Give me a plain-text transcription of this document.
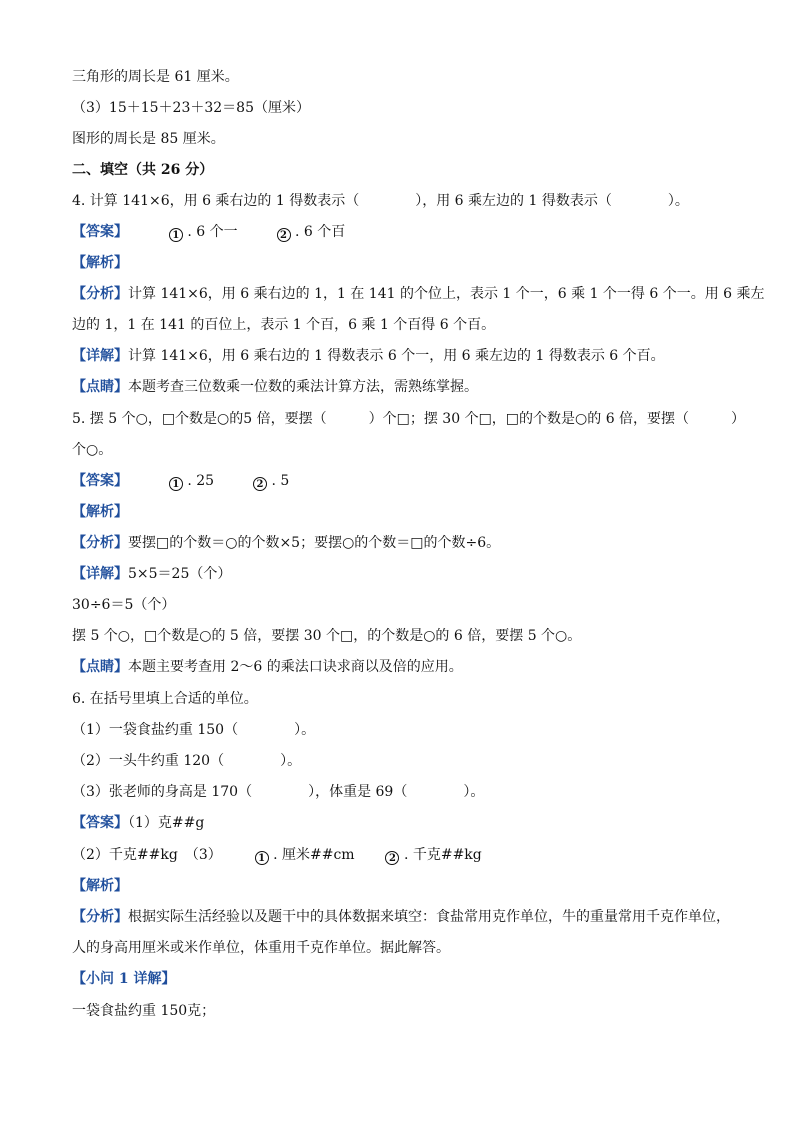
三角形的周长是 61 厘米。
（3）15＋15＋23＋32＝85（厘米）
图形的周长是 85 厘米。
二、填空（共 26 分）
4. 计算 141×6，用 6 乘右边的 1 得数表示（　　　　），用 6 乘左边的 1 得数表示（　　　　）。
【答案】	1 . 6 个一	2 . 6 个百
【解析】
【分析】计算 141×6，用 6 乘右边的 1，1 在 141 的个位上，表示 1 个一，6 乘 1 个一得 6 个一。用 6 乘左
边的 1，1 在 141 的百位上，表示 1 个百，6 乘 1 个百得 6 个百。
【详解】计算 141×6，用 6 乘右边的 1 得数表示 6 个一，用 6 乘左边的 1 得数表示 6 个百。
【点睛】本题考查三位数乘一位数的乘法计算方法，需熟练掌握。
5. 摆 5 个○，□个数是○的5 倍，要摆（　　　）个□；摆 30 个□，□的个数是○的 6 倍，要摆（　　　）
个○。
【答案】	1 . 25	2 . 5
【解析】
【分析】要摆□的个数＝○的个数×5；要摆○的个数＝□的个数÷6。
【详解】5×5＝25（个）
30÷6＝5（个）
摆 5 个○，□个数是○的 5 倍，要摆 30 个□，的个数是○的 6 倍，要摆 5 个○。
【点睛】本题主要考查用 2～6 的乘法口诀求商以及倍的应用。
6. 在括号里填上合适的单位。
（1）一袋食盐约重 150（　　　　）。
（2）一头牛约重 120（　　　　）。
（3）张老师的身高是 170（　　　　），体重是 69（　　　　）。
【答案】（1）克##g
（2）千克##kg　（3）	1 . 厘米##cm	2 . 千克##kg
【解析】
【分析】根据实际生活经验以及题干中的具体数据来填空：食盐常用克作单位，牛的重量常用千克作单位，
人的身高用厘米或米作单位，体重用千克作单位。据此解答。
【小问 1 详解】
一袋食盐约重 150克；
